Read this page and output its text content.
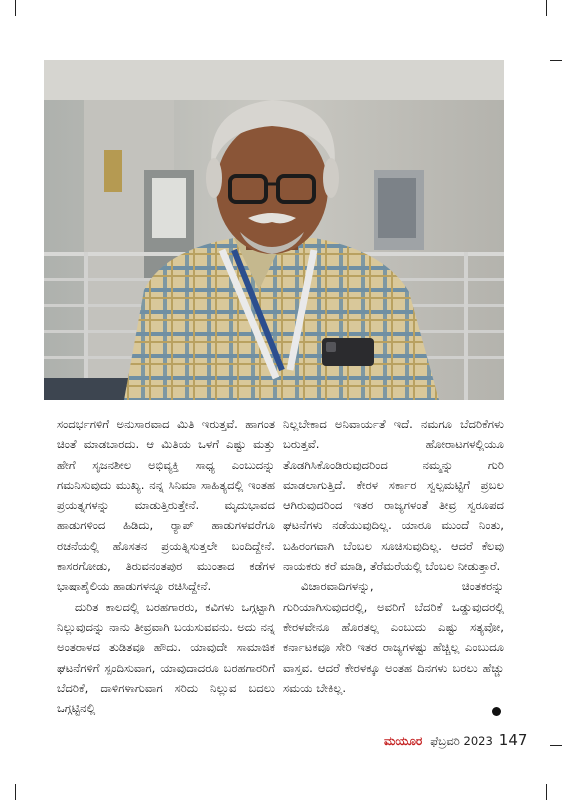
ಸಂದರ್ಭಗಳಿಗೆ ಅನುಸಾರವಾದ ಮಿತಿ ಇರುತ್ತವೆ. ಹಾಗಂತ ಚಿಂತೆ ಮಾಡಬಾರದು. ಆ ಮಿತಿಯ ಒಳಗೆ ಎಷ್ಟು ಮತ್ತು ಹೇಗೆ ಸೃಜನಶೀಲ ಅಭಿವ್ಯಕ್ತಿ ಸಾಧ್ಯ ಎಂಬುದನ್ನು ಗಮನಿಸುವುದು ಮುಖ್ಯ. ನನ್ನ ಸಿನಿಮಾ ಸಾಹಿತ್ಯದಲ್ಲಿ ಇಂತಹ ಪ್ರಯತ್ನಗಳನ್ನು ಮಾಡುತ್ತಿರುತ್ತೇನೆ. ಮೃದುಭಾವದ ಹಾಡುಗಳಿಂದ ಹಿಡಿದು, ರ್‍ಯಾಪ್ ಹಾಡುಗಳವರೆಗೂ ರಚನೆಯಲ್ಲಿ ಹೊಸತನ ಪ್ರಯತ್ನಿಸುತ್ತಲೇ ಬಂದಿದ್ದೇನೆ. ಕಾಸರಗೋಡು, ತಿರುವನಂತಪುರ ಮುಂತಾದ ಕಡೆಗಳ ಭಾಷಾಶೈಲಿಯ ಹಾಡುಗಳನ್ನೂ ರಚಿಸಿದ್ದೇನೆ.

ದುರಿತ ಕಾಲದಲ್ಲಿ ಬರಹಗಾರರು, ಕವಿಗಳು ಒಗ್ಗಟ್ಟಾಗಿ ನಿಲ್ಲುವುದನ್ನು ನಾನು ತೀವ್ರವಾಗಿ ಬಯಸುವವನು. ಅದು ನನ್ನ ಅಂತರಾಳದ ತುಡಿತವೂ ಹೌದು. ಯಾವುದೇ ಸಾಮಾಜಿಕ ಘಟನೆಗಳಿಗೆ ಸ್ಪಂದಿಸುವಾಗ, ಯಾವುದಾದರೂ ಬರಹಗಾರರಿಗೆ ಬೆದರಿಕೆ, ದಾಳಿಗಳಾಗುವಾಗ ಸರಿದು ನಿಲ್ಲುವ ಬದಲು ಒಗ್ಗಟ್ಟಿನಲ್ಲಿ

ನಿಲ್ಲಬೇಕಾದ ಅನಿವಾರ್ಯತೆ ಇದೆ. ನಮಗೂ ಬೆದರಿಕೆಗಳು ಬರುತ್ತವೆ. ಹೋರಾಟಗಳಲ್ಲಿಯೂ ತೊಡಗಿಸಿಕೊಂಡಿರುವುದರಿಂದ ನಮ್ಮನ್ನು ಗುರಿ ಮಾಡಲಾಗುತ್ತಿದೆ. ಕೇರಳ ಸರ್ಕಾರ ಸ್ವಲ್ಪಮಟ್ಟಿಗೆ ಪ್ರಬಲ ಆಗಿರುವುದರಿಂದ ಇತರ ರಾಜ್ಯಗಳಂತೆ ತೀವ್ರ ಸ್ವರೂಪದ ಘಟನೆಗಳು ನಡೆಯುವುದಿಲ್ಲ. ಯಾರೂ ಮುಂದೆ ನಿಂತು, ಬಹಿರಂಗವಾಗಿ ಬೆಂಬಲ ಸೂಚಿಸುವುದಿಲ್ಲ. ಆದರೆ ಕೆಲವು ನಾಯಕರು ಕರೆ ಮಾಡಿ, ತೆರೆಮರೆಯಲ್ಲಿ ಬೆಂಬಲ ನೀಡುತ್ತಾರೆ.

ವಿಚಾರವಾದಿಗಳನ್ನು, ಚಿಂತಕರನ್ನು ಗುರಿಯಾಗಿಸುವುದರಲ್ಲಿ, ಅವರಿಗೆ ಬೆದರಿಕೆ ಒಡ್ಡುವುದರಲ್ಲಿ ಕೇರಳವೇನೂ ಹೊರತಲ್ಲ ಎಂಬುದು ಎಷ್ಟು ಸತ್ಯವೋ, ಕರ್ನಾಟಕವೂ ಸೇರಿ ಇತರ ರಾಜ್ಯಗಳಷ್ಟು ಹೆಚ್ಚಿಲ್ಲ ಎಂಬುದೂ ವಾಸ್ತವ. ಆದರೆ ಕೇರಳಕ್ಕೂ ಅಂತಹ ದಿನಗಳು ಬರಲು ಹೆಚ್ಚು ಸಮಯ ಬೇಕಿಲ್ಲ.

ಮಯೂರ ಫೆಬ್ರವರಿ 2023 147
